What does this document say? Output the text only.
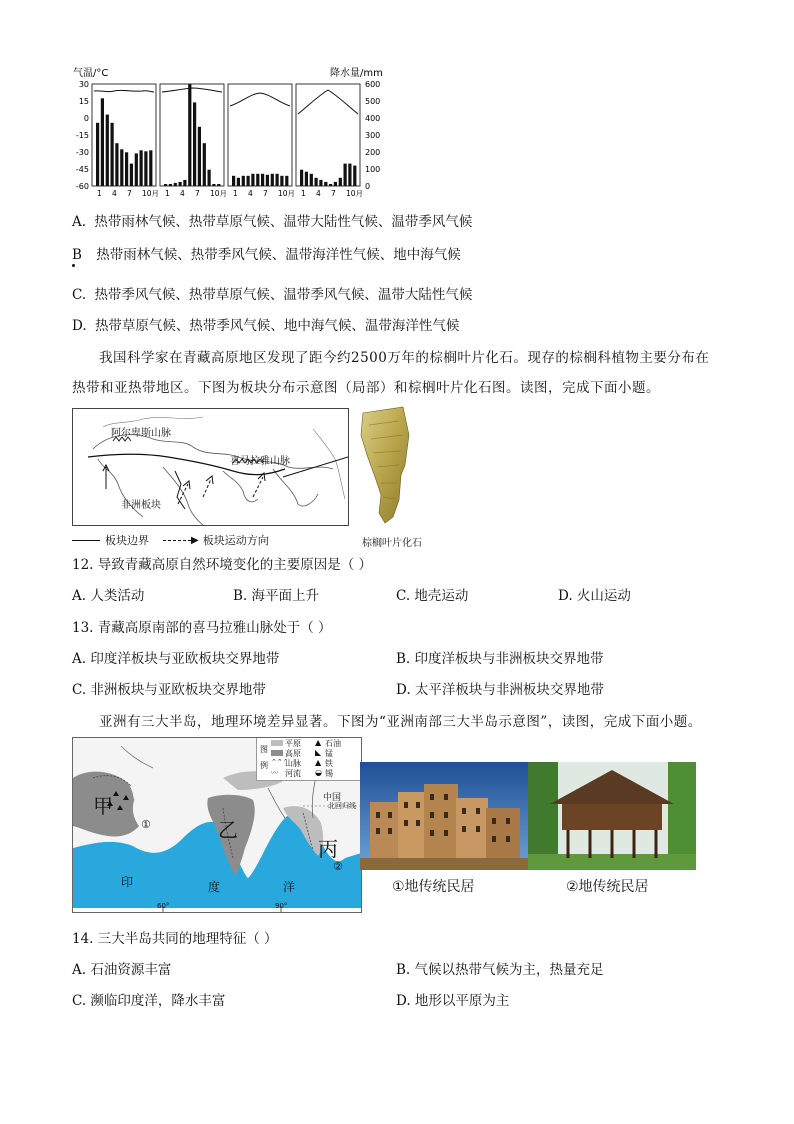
气温/°C	降水量/mm
30
15
0
-15
-30
-45
-60
600
500
400
300
200
100
0
1 4 7 10月 1 4 7 10月 1 4 7 10月 1 4 7 10月
A. 热带雨林气候、热带草原气候、温带大陆性气候、温带季风气候
B 热带雨林气候、热带季风气候、温带海洋性气候、地中海气候
C. 热带季风气候、热带草原气候、温带季风气候、温带大陆性气候
D. 热带草原气候、热带季风气候、地中海气候、温带海洋性气候
我国科学家在青藏高原地区发现了距今约2500万年的棕榈叶片化石。现存的棕榈科植物主要分布在热带和亚热带地区。下图为板块分布示意图（局部）和棕榈叶片化石图。读图，完成下面小题。
阿尔卑斯山脉
喜马拉雅山脉
非洲板块
板块边界	▶ 板块运动方向	棕榈叶片化石
12. 导致青藏高原自然环境变化的主要原因是（ ）
A. 人类活动	B. 海平面上升	C. 地壳运动	D. 火山运动
13. 青藏高原南部的喜马拉雅山脉处于（ ）
A. 印度洋板块与亚欧板块交界地带	B. 印度洋板块与非洲板块交界地带
C. 非洲板块与亚欧板块交界地带	D. 太平洋板块与非洲板块交界地带
亚洲有三大半岛，地理环境差异显著。下图为“亚洲南部三大半岛示意图”，读图，完成下面小题。
甲
乙
丙
中国
北回归线
①
②
印	度	洋
60°	90°
图
例
平原
高原
⌃⌃⌃
山脉
〰 河流
▲ 石油
◣ 锰
▲ 铁
◒ 锡
①地传统民居	②地传统民居
14. 三大半岛共同的地理特征（ ）
A. 石油资源丰富	B. 气候以热带气候为主，热量充足
C. 濒临印度洋，降水丰富	D. 地形以平原为主
